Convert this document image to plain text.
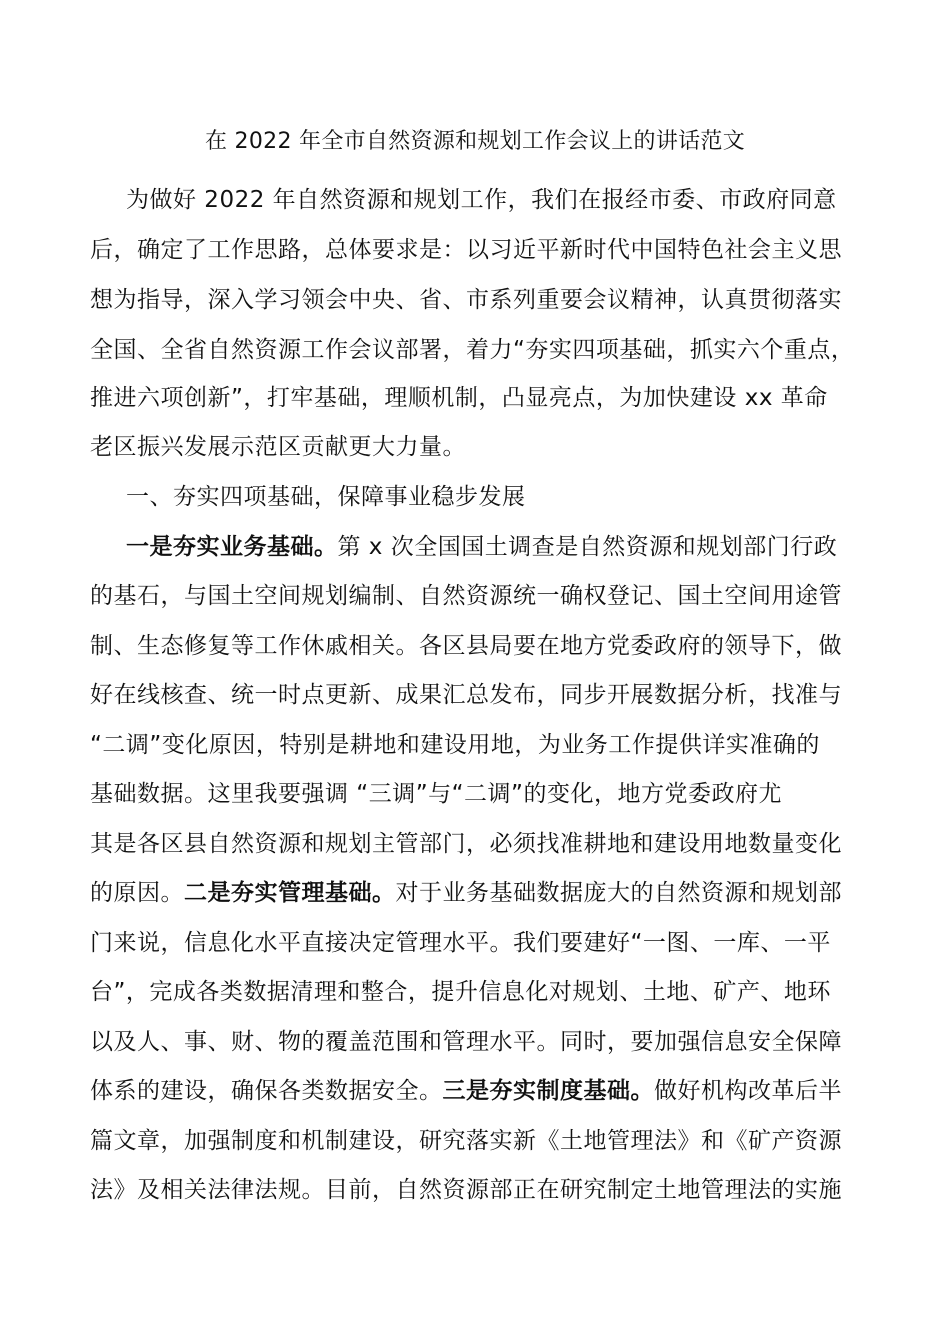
在 2022 年全市自然资源和规划工作会议上的讲话范文
为做好 2022 年自然资源和规划工作，我们在报经市委、市政府同意
后，确定了工作思路，总体要求是：以习近平新时代中国特色社会主义思
想为指导，深入学习领会中央、省、市系列重要会议精神，认真贯彻落实
全国、全省自然资源工作会议部署，着力“夯实四项基础，抓实六个重点，
推进六项创新”，打牢基础，理顺机制，凸显亮点，为加快建设 xx 革命
老区振兴发展示范区贡献更大力量。
一、夯实四项基础，保障事业稳步发展
一是夯实业务基础。第 x 次全国国土调查是自然资源和规划部门行政
的基石，与国土空间规划编制、自然资源统一确权登记、国土空间用途管
制、生态修复等工作休戚相关。各区县局要在地方党委政府的领导下，做
好在线核查、统一时点更新、成果汇总发布，同步开展数据分析，找准与
“二调”变化原因，特别是耕地和建设用地，为业务工作提供详实准确的
基础数据。这里我要强调 “三调”与“二调”的变化，地方党委政府尤
其是各区县自然资源和规划主管部门，必须找准耕地和建设用地数量变化
的原因。二是夯实管理基础。对于业务基础数据庞大的自然资源和规划部
门来说，信息化水平直接决定管理水平。我们要建好“一图、一库、一平
台”，完成各类数据清理和整合，提升信息化对规划、土地、矿产、地环
以及人、事、财、物的覆盖范围和管理水平。同时，要加强信息安全保障
体系的建设，确保各类数据安全。三是夯实制度基础。做好机构改革后半
篇文章，加强制度和机制建设，研究落实新《土地管理法》和《矿产资源
法》及相关法律法规。目前，自然资源部正在研究制定土地管理法的实施
